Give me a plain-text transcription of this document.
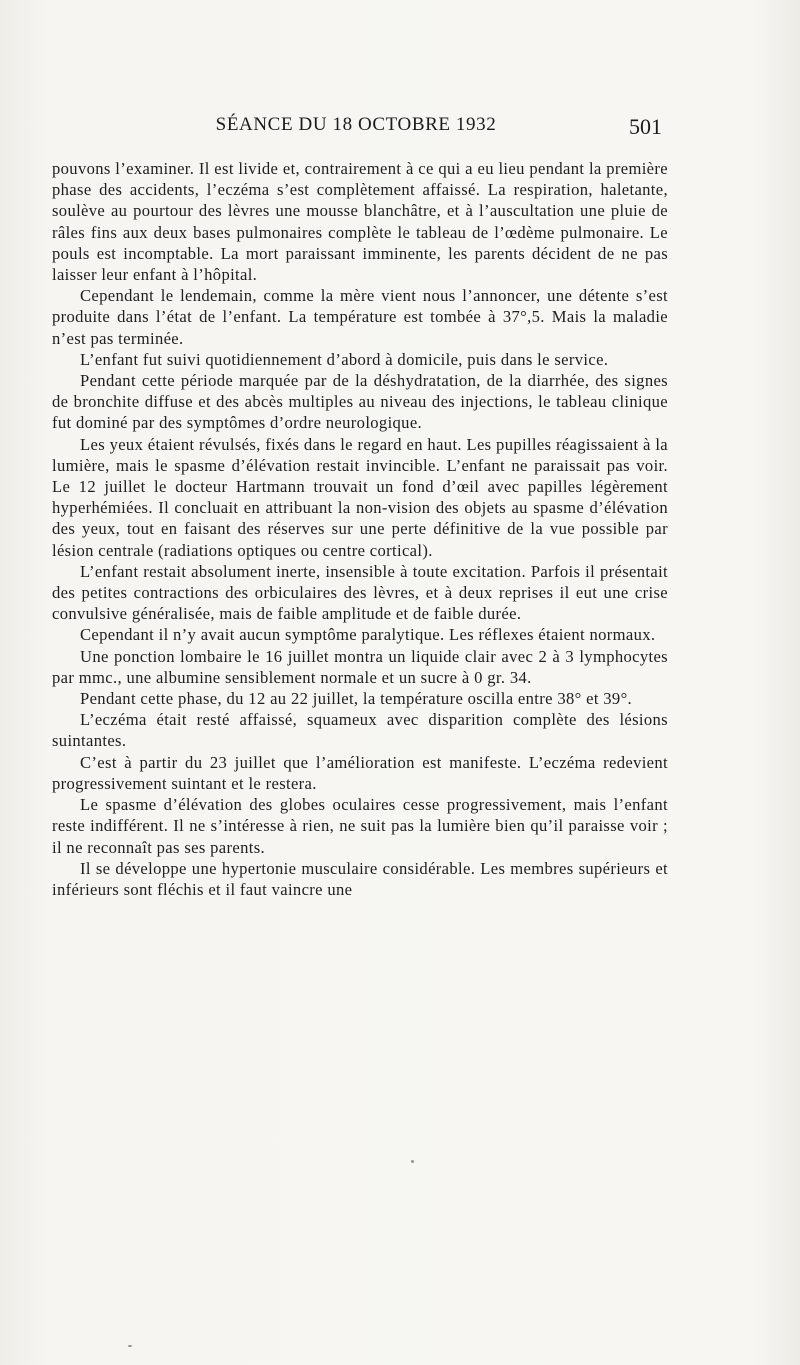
SÉANCE DU 18 OCTOBRE 1932	501

pouvons l’examiner. Il est livide et, contrairement à ce qui a eu lieu pendant la première phase des accidents, l’eczéma s’est complètement affaissé. La respiration, haletante, soulève au pourtour des lèvres une mousse blanchâtre, et à l’auscultation une pluie de râles fins aux deux bases pulmonaires complète le tableau de l’œdème pulmonaire. Le pouls est incomptable. La mort paraissant imminente, les parents décident de ne pas laisser leur enfant à l’hôpital.

Cependant le lendemain, comme la mère vient nous l’annoncer, une détente s’est produite dans l’état de l’enfant. La température est tombée à 37°,5. Mais la maladie n’est pas terminée.

L’enfant fut suivi quotidiennement d’abord à domicile, puis dans le service.

Pendant cette période marquée par de la déshydratation, de la diarrhée, des signes de bronchite diffuse et des abcès multiples au niveau des injections, le tableau clinique fut dominé par des symptômes d’ordre neurologique.

Les yeux étaient révulsés, fixés dans le regard en haut. Les pupilles réagissaient à la lumière, mais le spasme d’élévation restait invincible. L’enfant ne paraissait pas voir. Le 12 juillet le docteur Hartmann trouvait un fond d’œil avec papilles légèrement hyperhémiées. Il concluait en attribuant la non-vision des objets au spasme d’élévation des yeux, tout en faisant des réserves sur une perte définitive de la vue possible par lésion centrale (radiations optiques ou centre cortical).

L’enfant restait absolument inerte, insensible à toute excitation. Parfois il présentait des petites contractions des orbiculaires des lèvres, et à deux reprises il eut une crise convulsive généralisée, mais de faible amplitude et de faible durée.

Cependant il n’y avait aucun symptôme paralytique. Les réflexes étaient normaux.

Une ponction lombaire le 16 juillet montra un liquide clair avec 2 à 3 lymphocytes par mmc., une albumine sensiblement normale et un sucre à 0 gr. 34.

Pendant cette phase, du 12 au 22 juillet, la température oscilla entre 38° et 39°.

L’eczéma était resté affaissé, squameux avec disparition complète des lésions suintantes.

C’est à partir du 23 juillet que l’amélioration est manifeste. L’eczéma redevient progressivement suintant et le restera.

Le spasme d’élévation des globes oculaires cesse progressivement, mais l’enfant reste indifférent. Il ne s’intéresse à rien, ne suit pas la lumière bien qu’il paraisse voir ; il ne reconnaît pas ses parents.

Il se développe une hypertonie musculaire considérable. Les membres supérieurs et inférieurs sont fléchis et il faut vaincre une
